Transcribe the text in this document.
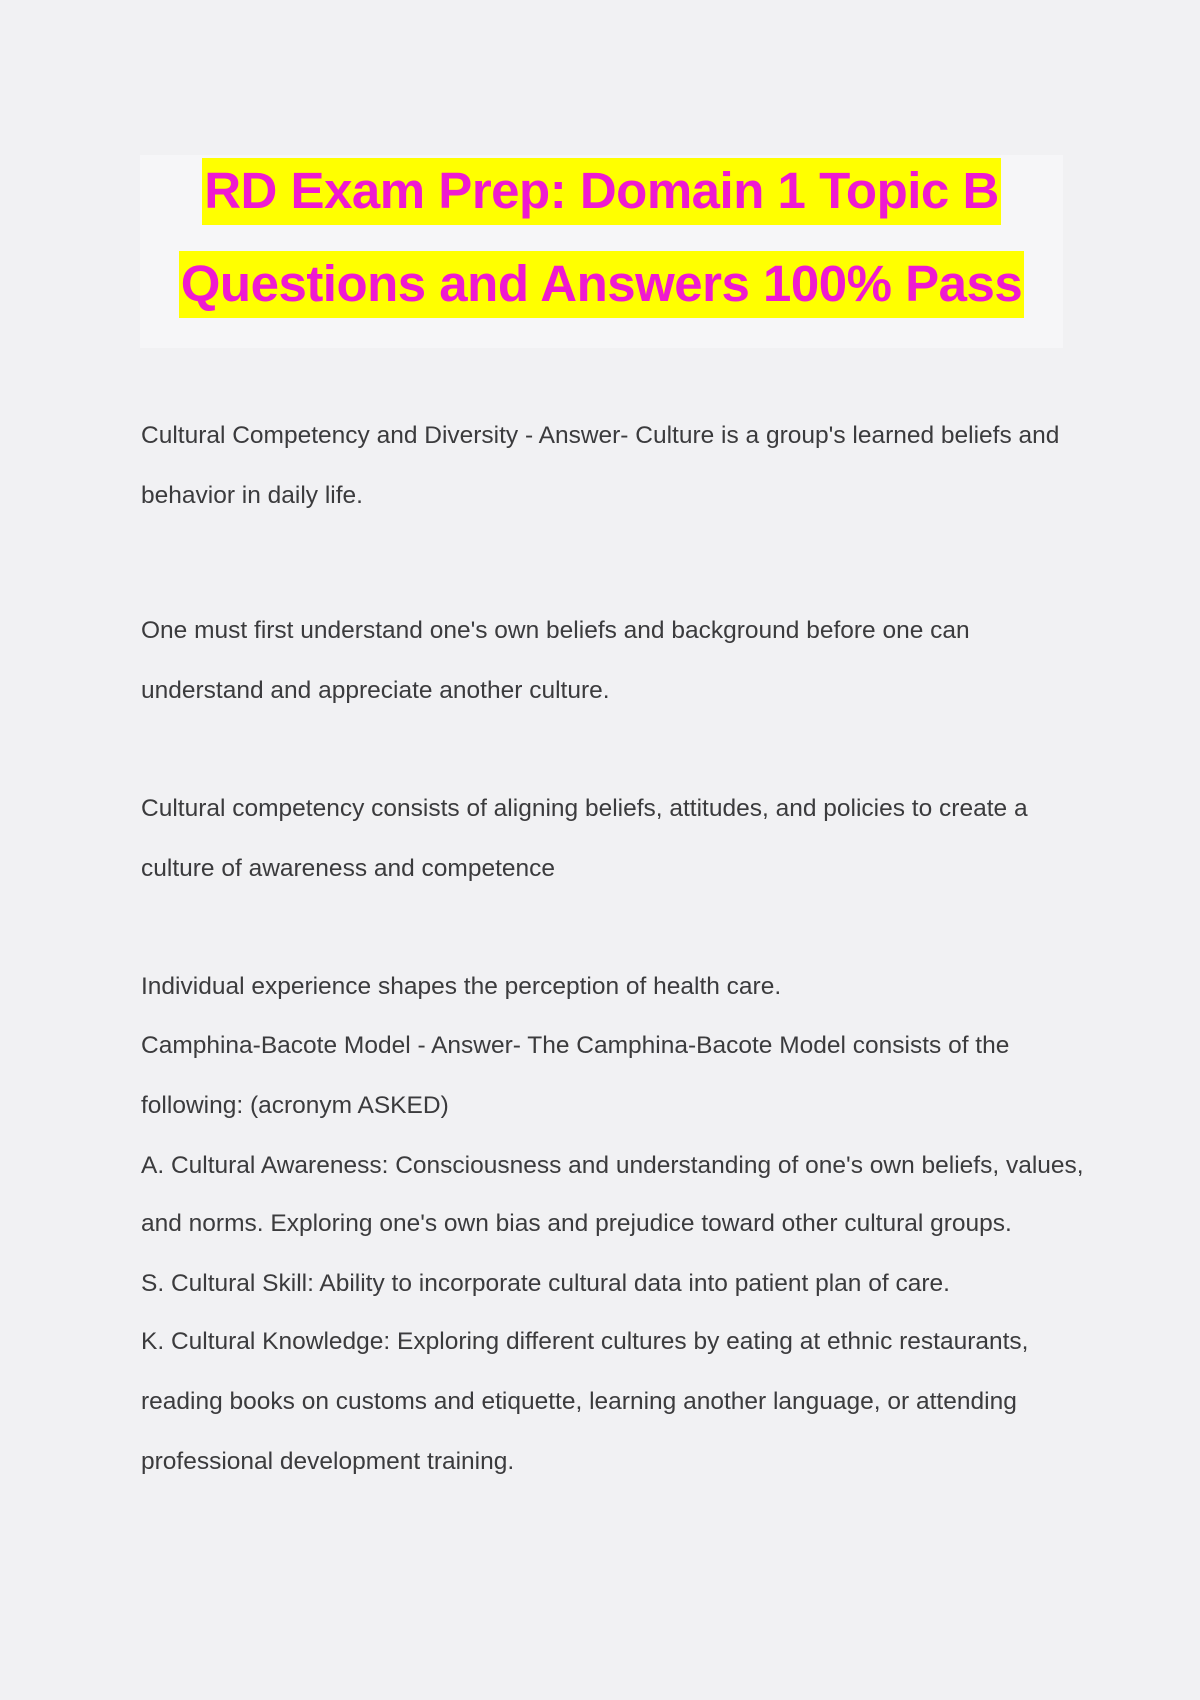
RD Exam Prep: Domain 1 Topic B
Questions and Answers 100% Pass
Cultural Competency and Diversity - Answer- Culture is a group's learned beliefs and
behavior in daily life.
One must first understand one's own beliefs and background before one can
understand and appreciate another culture.
Cultural competency consists of aligning beliefs, attitudes, and policies to create a
culture of awareness and competence
Individual experience shapes the perception of health care.
Camphina-Bacote Model - Answer- The Camphina-Bacote Model consists of the
following: (acronym ASKED)
A. Cultural Awareness: Consciousness and understanding of one's own beliefs, values,
and norms. Exploring one's own bias and prejudice toward other cultural groups.
S. Cultural Skill: Ability to incorporate cultural data into patient plan of care.
K. Cultural Knowledge: Exploring different cultures by eating at ethnic restaurants,
reading books on customs and etiquette, learning another language, or attending
professional development training.
